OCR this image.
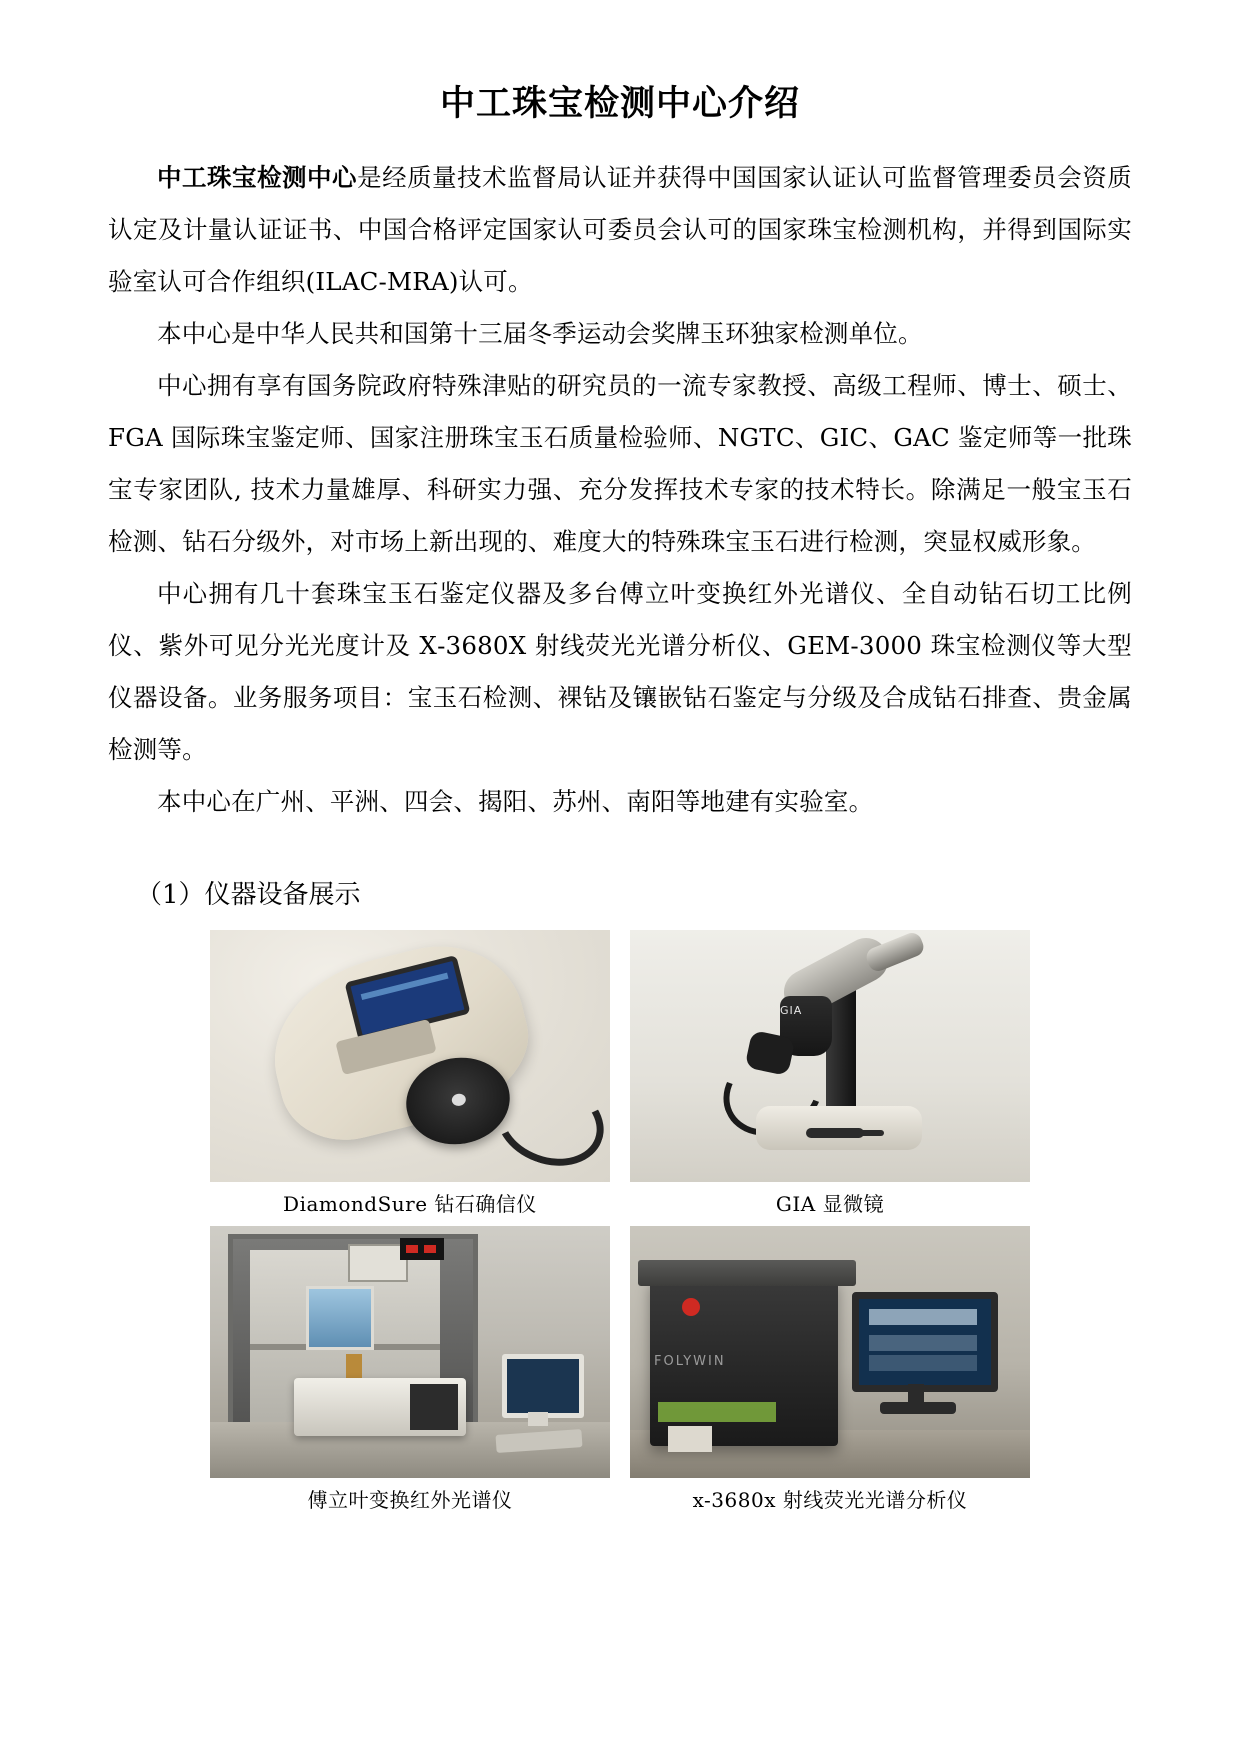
中工珠宝检测中心介绍

中工珠宝检测中心是经质量技术监督局认证并获得中国国家认证认可监督管理委员会资质认定及计量认证证书、中国合格评定国家认可委员会认可的国家珠宝检测机构，并得到国际实验室认可合作组织(ILAC-MRA)认可。

本中心是中华人民共和国第十三届冬季运动会奖牌玉环独家检测单位。

中心拥有享有国务院政府特殊津贴的研究员的一流专家教授、高级工程师、博士、硕士、FGA 国际珠宝鉴定师、国家注册珠宝玉石质量检验师、NGTC、GIC、GAC 鉴定师等一批珠宝专家团队, 技术力量雄厚、科研实力强、充分发挥技术专家的技术特长。除满足一般宝玉石检测、钻石分级外，对市场上新出现的、难度大的特殊珠宝玉石进行检测，突显权威形象。

中心拥有几十套珠宝玉石鉴定仪器及多台傅立叶变换红外光谱仪、全自动钻石切工比例仪、紫外可见分光光度计及 X‑3680X 射线荧光光谱分析仪、GEM-3000 珠宝检测仪等大型仪器设备。业务服务项目：宝玉石检测、裸钻及镶嵌钻石鉴定与分级及合成钻石排查、贵金属检测等。

本中心在广州、平洲、四会、揭阳、苏州、南阳等地建有实验室。

（1）仪器设备展示
DiamondSure 钻石确信仪
GIA
GIA 显微镜
傅立叶变换红外光谱仪
FOLYWIN
x-3680x 射线荧光光谱分析仪
